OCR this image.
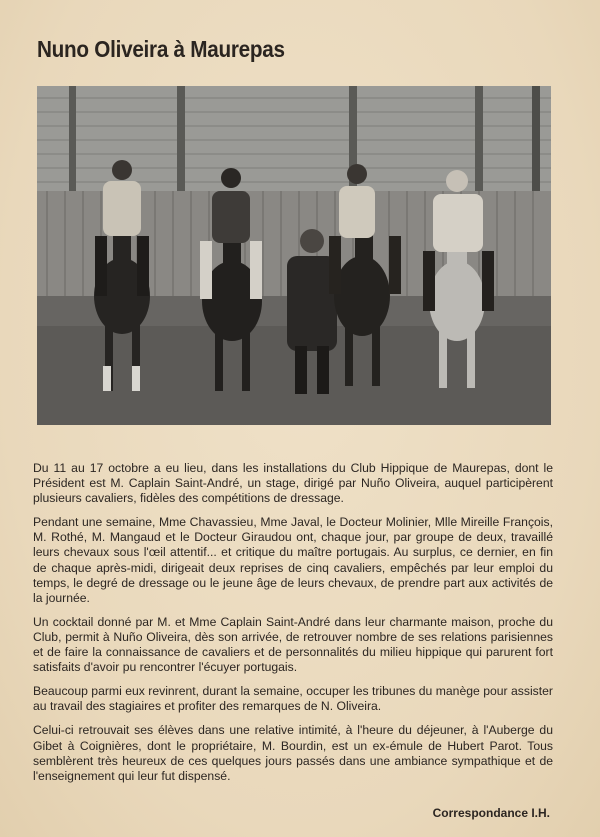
Nuno Oliveira à Maurepas

Du 11 au 17 octobre a eu lieu, dans les installations du Club Hippique de Maurepas, dont le Président est M. Caplain Saint-André, un stage, dirigé par Nuño Oliveira, auquel participèrent plusieurs cavaliers, fidèles des compétitions de dressage.

Pendant une semaine, Mme Chavassieu, Mme Javal, le Docteur Molinier, Mlle Mireille François, M. Rothé, M. Mangaud et le Docteur Giraudou ont, chaque jour, par groupe de deux, travaillé leurs chevaux sous l'œil attentif... et critique du maître portugais. Au surplus, ce dernier, en fin de chaque après-midi, dirigeait deux reprises de cinq cavaliers, empêchés par leur emploi du temps, le degré de dressage ou le jeune âge de leurs chevaux, de prendre part aux activités de la journée.

Un cocktail donné par M. et Mme Caplain Saint-André dans leur charmante maison, proche du Club, permit à Nuño Oliveira, dès son arrivée, de retrouver nombre de ses relations parisiennes et de faire la connaissance de cavaliers et de personnalités du milieu hippique qui parurent fort satisfaits d'avoir pu rencontrer l'écuyer portugais.

Beaucoup parmi eux revinrent, durant la semaine, occuper les tribunes du manège pour assister au travail des stagiaires et profiter des remarques de N. Oliveira.

Celui-ci retrouvait ses élèves dans une relative intimité, à l'heure du déjeuner, à l'Auberge du Gibet à Coignières, dont le propriétaire, M. Bourdin, est un ex-émule de Hubert Parot. Tous semblèrent très heureux de ces quelques jours passés dans une ambiance sympathique et de l'enseignement qui leur fut dispensé.

Correspondance I.H.
